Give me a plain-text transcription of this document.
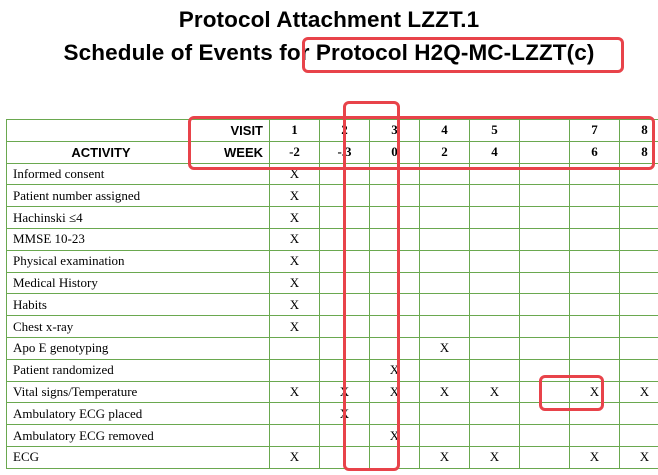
Protocol Attachment LZZT.1
Schedule of Events for Protocol H2Q-MC-LZZT(c)
	VISIT	1	2	3	4	5		7	8
ACTIVITY	WEEK	-2	-.3	0	2	4		6	8
Informed consent		X							
Patient number assigned		X							
Hachinski ≤4		X							
MMSE 10-23		X							
Physical examination		X							
Medical History		X							
Habits		X							
Chest x-ray		X							
Apo E genotyping					X				
Patient randomized				X					
Vital signs/Temperature		X	X	X	X	X		X	X
Ambulatory ECG placed			X						
Ambulatory ECG removed				X					
ECG		X			X	X		X	X
